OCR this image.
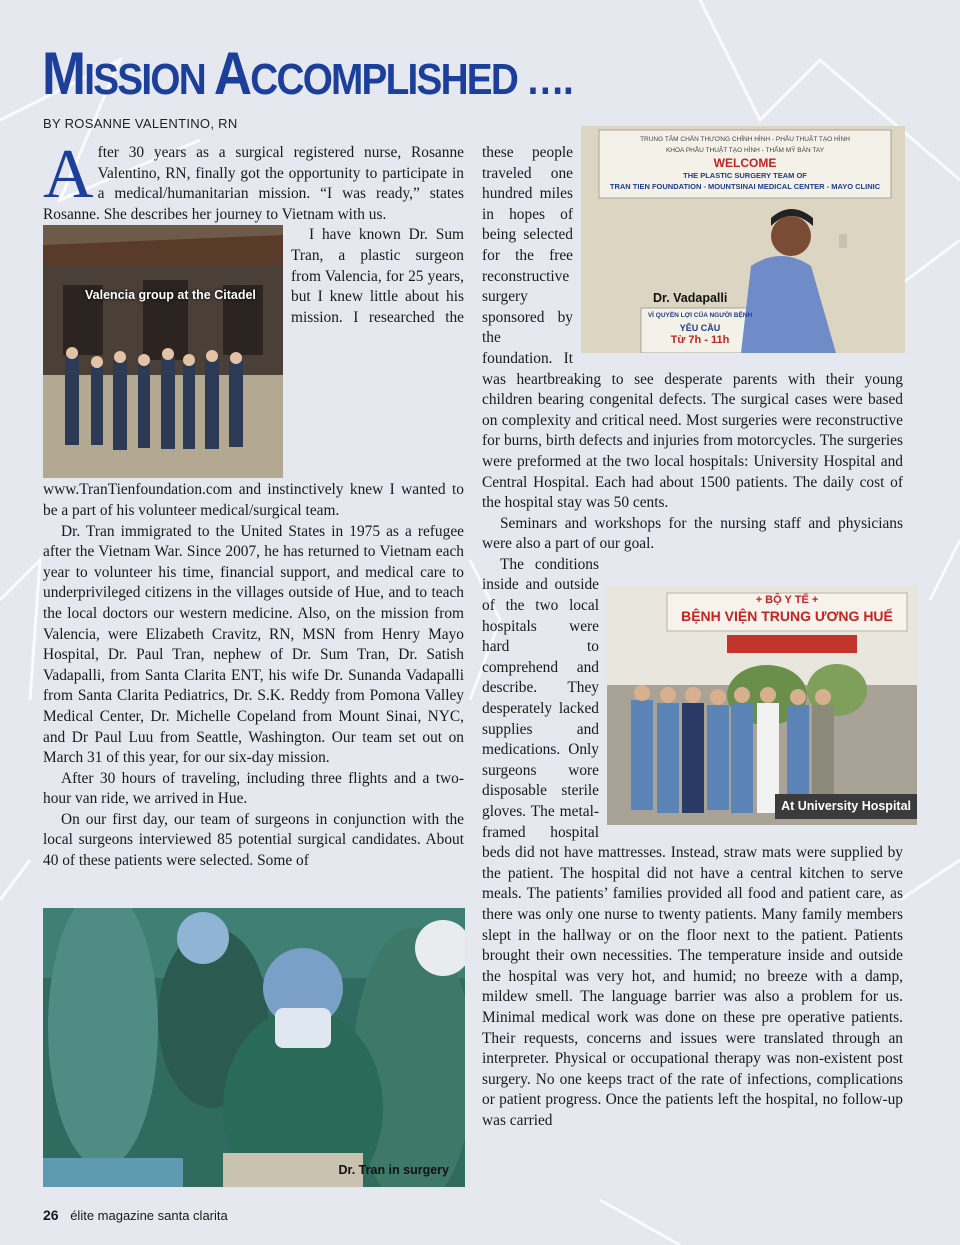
MISSION ACCOMPLISHED ….
BY ROSANNE VALENTINO, RN
A fter 30 years as a surgical registered nurse, Rosanne Valentino, RN, finally got the opportunity to participate in a medical/humanitarian mission. “I was ready,” states Rosanne. She describes her journey to Vietnam with us.

Valencia group at the Citadel

I have known Dr. Sum Tran, a plastic surgeon from Valencia, for 25 years, but I knew little about his mission. I researched the www.TranTienfoundation.com and instinctively knew I wanted to be a part of his volunteer medical/surgical team.

Dr. Tran immigrated to the United States in 1975 as a refugee after the Vietnam War. Since 2007, he has returned to Vietnam each year to volunteer his time, financial support, and medical care to underprivileged citizens in the villages outside of Hue, and to teach the local doctors our western medicine. Also, on the mission from Valencia, were Elizabeth Cravitz, RN, MSN from Henry Mayo Hospital, Dr. Paul Tran, nephew of Dr. Sum Tran, Dr. Satish Vadapalli, from Santa Clarita ENT, his wife Dr. Sunanda Vadapalli from Santa Clarita Pediatrics, Dr. S.K. Reddy from Pomona Valley Medical Center, Dr. Michelle Copeland from Mount Sinai, NYC, and Dr Paul Luu from Seattle, Washington. Our team set out on March 31 of this year, for our six-day mission.

After 30 hours of traveling, including three flights and a two-hour van ride, we arrived in Hue.

On our first day, our team of surgeons in conjunction with the local surgeons interviewed 85 potential surgical candidates. About 40 of these patients were selected. Some of

Dr. Tran in surgery
TRUNG TÂM CHẤN THƯƠNG CHỈNH HÌNH - PHẪU THUẬT TẠO HÌNH
KHOA PHẪU THUẬT TẠO HÌNH - THẨM MỸ BÀN TAY
WELCOME
THE PLASTIC SURGERY TEAM OF
TRAN TIEN FOUNDATION - MOUNTSINAI MEDICAL CENTER - MAYO CLINIC
VÌ QUYỀN LỢI CỦA NGƯỜI BỆNH
YÊU CẦU
Từ 7h - 11h
Dr. Vadapalli

these people traveled one hundred miles in hopes of being selected for the free reconstructive surgery sponsored by the foundation. It was heartbreaking to see desperate parents with their young children bearing congenital defects. The surgical cases were based on complexity and critical need. Most surgeries were reconstructive for burns, birth defects and injuries from motorcycles. The surgeries were preformed at the two local hospitals: University Hospital and Central Hospital. Each had about 1500 patients. The daily cost of the hospital stay was 50 cents.

Seminars and workshops for the nursing staff and physicians were also a part of our goal.

+ BỘ Y TẾ +
BỆNH VIỆN TRUNG ƯƠNG HUẾ
At University Hospital

The conditions inside and outside of the two local hospitals were hard to comprehend and describe. They desperately lacked supplies and medications. Only surgeons wore disposable sterile gloves. The metal-framed hospital beds did not have mattresses. Instead, straw mats were supplied by the patient. The hospital did not have a central kitchen to serve meals. The patients’ families provided all food and patient care, as there was only one nurse to twenty patients. Many family members slept in the hallway or on the floor next to the patient. Patients brought their own necessities. The temperature inside and outside the hospital was very hot, and humid; no breeze with a damp, mildew smell. The language barrier was also a problem for us. Minimal medical work was done on these pre operative patients. Their requests, concerns and issues were translated through an interpreter. Physical or occupational therapy was non-existent post surgery. No one keeps tract of the rate of infections, complications or patient progress. Once the patients left the hospital, no follow-up was carried

26 élite magazine santa clarita
